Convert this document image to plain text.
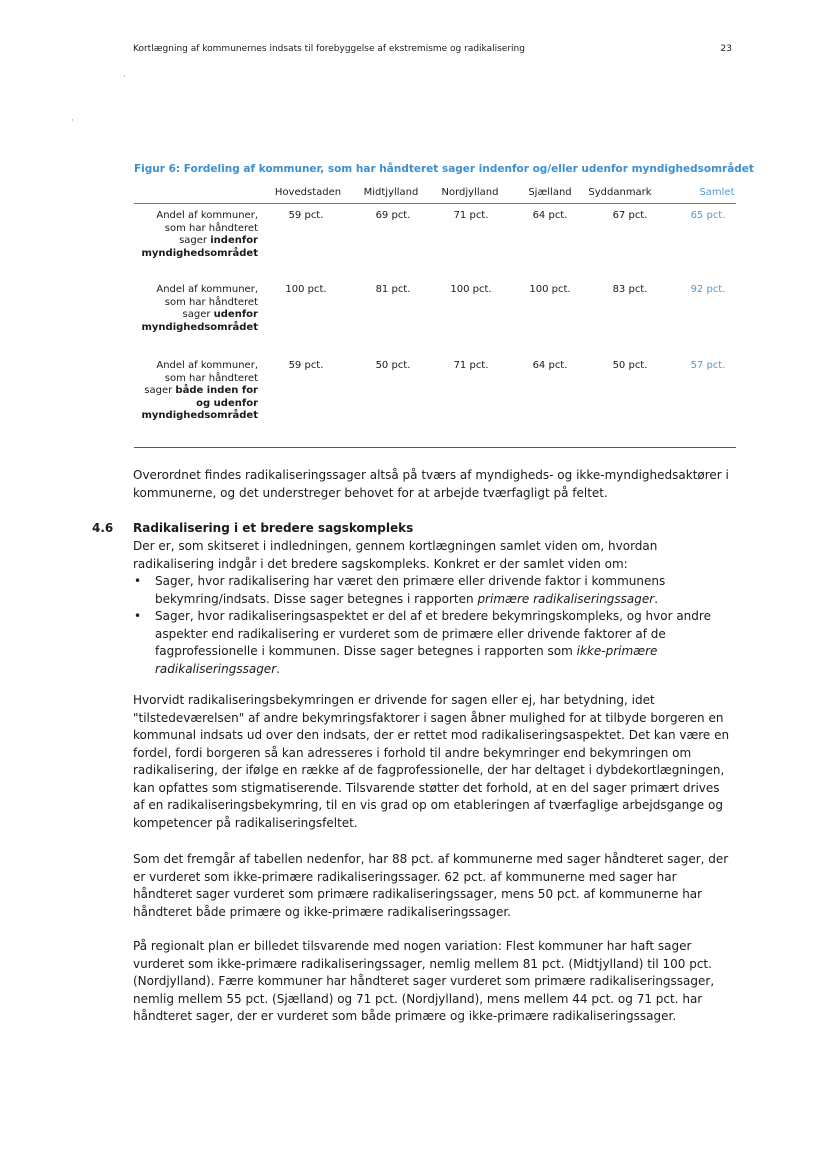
Kortlægning af kommunernes indsats til forebyggelse af ekstremisme og radikalisering	23
·
·
Figur 6: Fordeling af kommuner, som har håndteret sager indenfor og/eller udenfor myndighedsområdet
Hovedstaden	Midtjylland	Nordjylland	Sjælland	Syddanmark	Samlet
Andel af kommuner, som har håndteret sager indenfor myndighedsområdet
59 pct.	69 pct.	71 pct.	64 pct.	67 pct.	65 pct.
Andel af kommuner, som har håndteret sager udenfor myndighedsområdet
100 pct.	81 pct.	100 pct.	100 pct.	83 pct.	92 pct.
Andel af kommuner, som har håndteret sager både inden for og udenfor myndighedsområdet
59 pct.	50 pct.	71 pct.	64 pct.	50 pct.	57 pct.

Overordnet findes radikaliseringssager altså på tværs af myndigheds- og ikke-myndighedsaktører i kommunerne, og det understreger behovet for at arbejde tværfagligt på feltet.

4.6 Radikalisering i et bredere sagskompleks

Der er, som skitseret i indledningen, gennem kortlægningen samlet viden om, hvordan radikalisering indgår i det bredere sagskompleks. Konkret er der samlet viden om:

• Sager, hvor radikalisering har været den primære eller drivende faktor i kommunens bekymring/indsats. Disse sager betegnes i rapporten primære radikaliseringssager.
• Sager, hvor radikaliseringsaspektet er del af et bredere bekymringskompleks, og hvor andre aspekter end radikalisering er vurderet som de primære eller drivende faktorer af de fagprofessionelle i kommunen. Disse sager betegnes i rapporten som ikke-primære radikaliseringssager.

Hvorvidt radikaliseringsbekymringen er drivende for sagen eller ej, har betydning, idet "tilstedeværelsen" af andre bekymringsfaktorer i sagen åbner mulighed for at tilbyde borgeren en kommunal indsats ud over den indsats, der er rettet mod radikaliseringsaspektet. Det kan være en fordel, fordi borgeren så kan adresseres i forhold til andre bekymringer end bekymringen om radikalisering, der ifølge en række af de fagprofessionelle, der har deltaget i dybdekortlægningen, kan opfattes som stigmatiserende. Tilsvarende støtter det forhold, at en del sager primært drives af en radikaliseringsbekymring, til en vis grad op om etableringen af tværfaglige arbejdsgange og kompetencer på radikaliseringsfeltet.

Som det fremgår af tabellen nedenfor, har 88 pct. af kommunerne med sager håndteret sager, der er vurderet som ikke-primære radikaliseringssager. 62 pct. af kommunerne med sager har håndteret sager vurderet som primære radikaliseringssager, mens 50 pct. af kommunerne har håndteret både primære og ikke-primære radikaliseringssager.

På regionalt plan er billedet tilsvarende med nogen variation: Flest kommuner har haft sager vurderet som ikke-primære radikaliseringssager, nemlig mellem 81 pct. (Midtjylland) til 100 pct. (Nordjylland). Færre kommuner har håndteret sager vurderet som primære radikaliseringssager, nemlig mellem 55 pct. (Sjælland) og 71 pct. (Nordjylland), mens mellem 44 pct. og 71 pct. har håndteret sager, der er vurderet som både primære og ikke-primære radikaliseringssager.
